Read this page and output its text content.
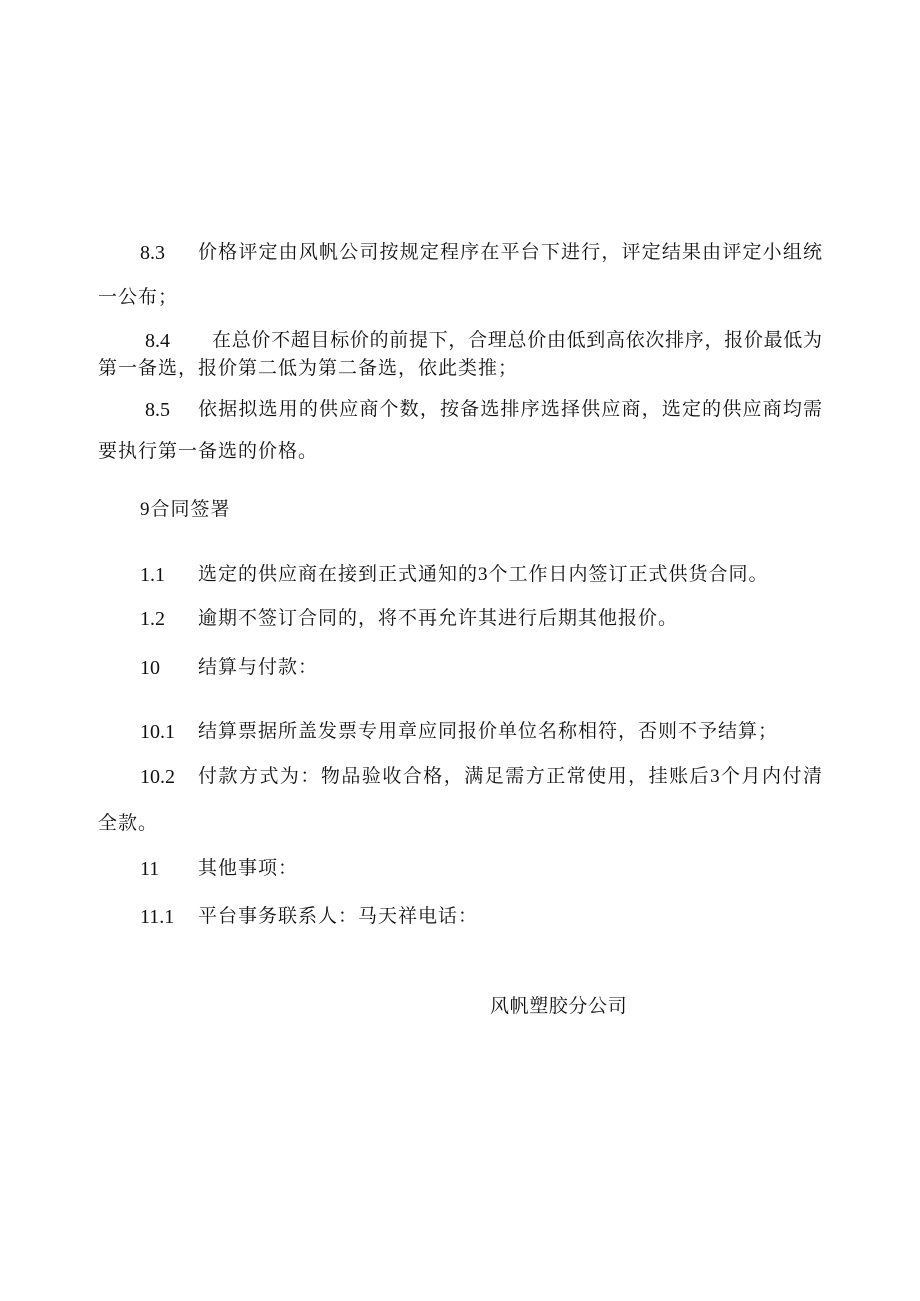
8.3 价格评定由风帆公司按规定程序在平台下进行，评定结果由评定小组统
一公布；
8.4 在总价不超目标价的前提下，合理总价由低到高依次排序，报价最低为
第一备选，报价第二低为第二备选，依此类推；
8.5 依据拟选用的供应商个数，按备选排序选择供应商，选定的供应商均需
要执行第一备选的价格。
9合同签署
1.1 选定的供应商在接到正式通知的3个工作日内签订正式供货合同。
1.2 逾期不签订合同的，将不再允许其进行后期其他报价。
10 结算与付款：
10.1 结算票据所盖发票专用章应同报价单位名称相符，否则不予结算；
10.2 付款方式为：物品验收合格，满足需方正常使用，挂账后3个月内付清
全款。
11 其他事项：
11.1 平台事务联系人：马天祥电话：
风帆塑胶分公司
